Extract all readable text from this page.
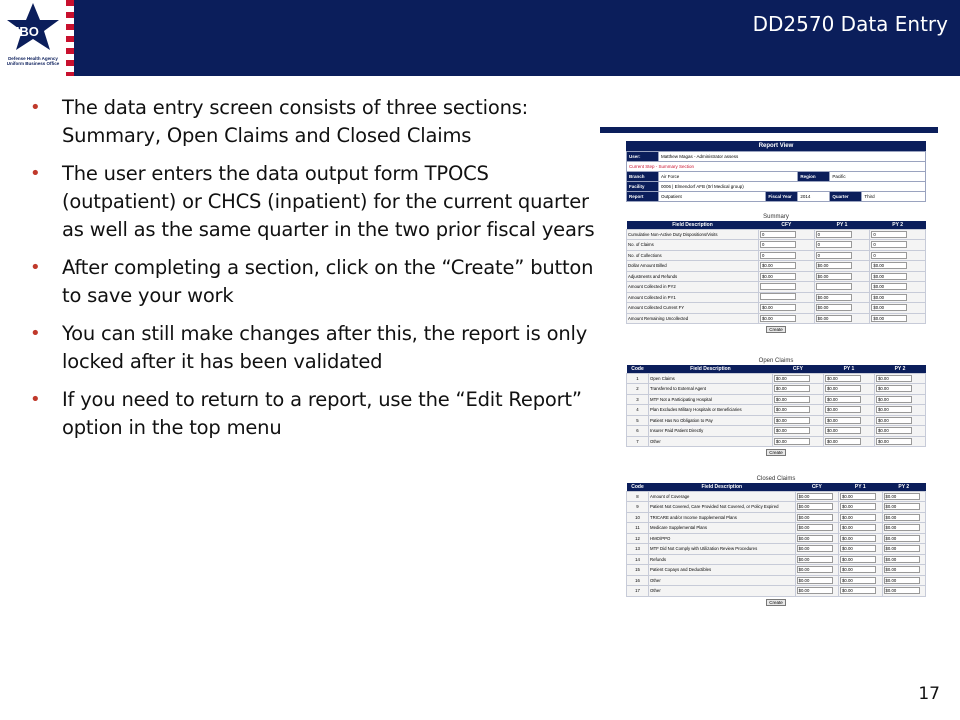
UBO
Defense Health Agency Uniform Business Office
DD2570 Data Entry
• The data entry screen consists of three sections: Summary, Open Claims and Closed Claims
• The user enters the data output form TPOCS (outpatient) or CHCS (inpatient) for the current quarter as well as the same quarter in the two prior fiscal years
• After completing a section, click on the “Create” button to save your work
• You can still make changes after this, the report is only locked after it has been validated
• If you need to return to a report, use the “Edit Report” option in the top menu
Report View
User:	Matthew Magas - Administrator assess				
Current Step - Summary Section					
Branch	Air Force		Region	Pacific	
Facility	0006 | Elmendorf AFB (0rl Medical group)				
Report	Outpatient	Fiscal Year	2014	Quarter	Third
Summary
Field Description	CFY	PY 1	PY 2
Cumulative Non-Active Duty Dispositions/Visits	0	0	0
No. of Claims	0	0	0
No. of Collections	0	0	0
Dollar Amount Billed	$0.00	$0.00	$0.00
Adjustments and Refunds	$0.00	$0.00	$0.00
Amount Collected in PY2			$0.00
Amount Collected in PY1		$0.00	$0.00
Amount Collected Current FY	$0.00	$0.00	$0.00
Amount Remaining Uncollected	$0.00	$0.00	$0.00
Create
Open Claims
Code	Field Description	CFY	PY 1	PY 2
1	Open Claims	$0.00	$0.00	$0.00
2	Transferred to External Agent	$0.00	$0.00	$0.00
3	MTF Not a Participating Hospital	$0.00	$0.00	$0.00
4	Plan Excludes Military Hospitals or Beneficiaries	$0.00	$0.00	$0.00
5	Patient Has No Obligation to Pay	$0.00	$0.00	$0.00
6	Insurer Paid Patient Directly	$0.00	$0.00	$0.00
7	Other	$0.00	$0.00	$0.00
Create
Closed Claims
Code	Field Description	CFY	PY 1	PY 2
8	Amount of Coverage	$0.00	$0.00	$0.00
9	Patient Not Covered, Care Provided Not Covered, or Policy Expired	$0.00	$0.00	$0.00
10	TRICARE and/or Income Supplemental Plans	$0.00	$0.00	$0.00
11	Medicare Supplemental Plans	$0.00	$0.00	$0.00
12	HMO/PPO	$0.00	$0.00	$0.00
13	MTF Did Not Comply with Utilization Review Procedures	$0.00	$0.00	$0.00
14	Refunds	$0.00	$0.00	$0.00
15	Patient Copays and Deductibles	$0.00	$0.00	$0.00
16	Other	$0.00	$0.00	$0.00
17	Other	$0.00	$0.00	$0.00
Create
17
